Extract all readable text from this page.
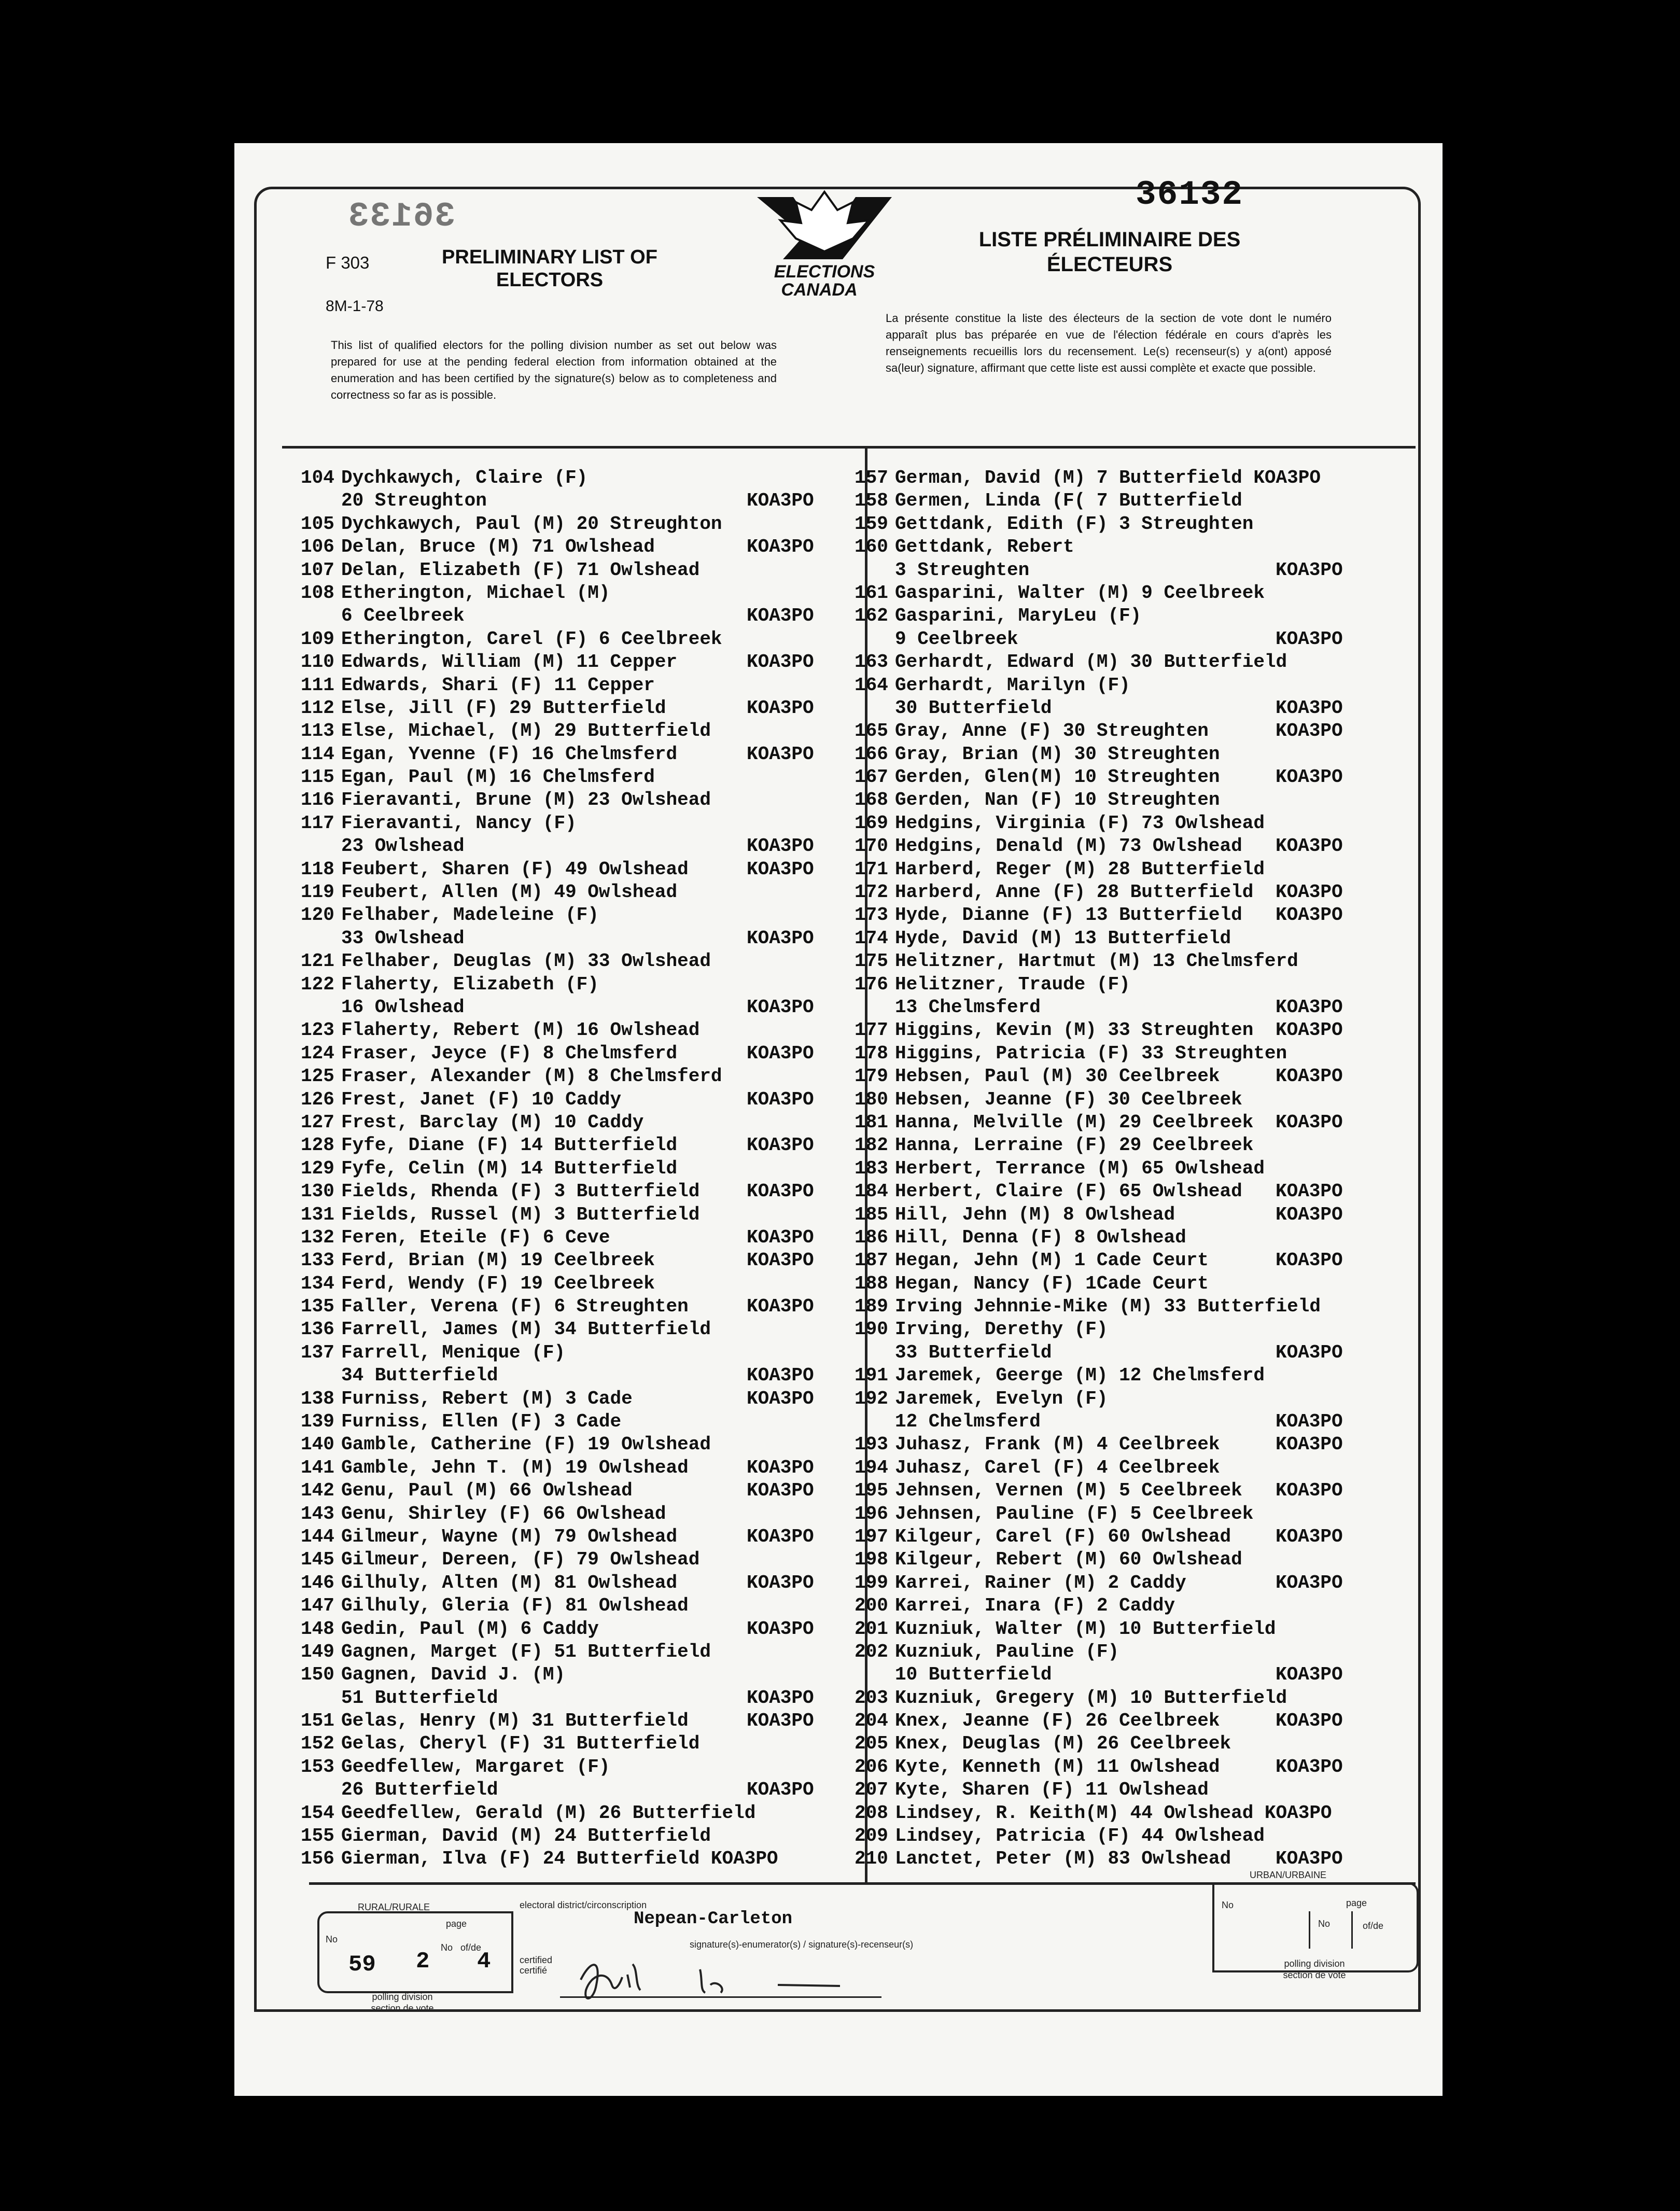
36133
36132
F 303
8M-1-78
PRELIMINARY LIST OF ELECTORS
LISTE PRÉLIMINAIRE DES ÉLECTEURS
ELECTIONS
CANADA
This list of qualified electors for the polling division number as set out below was prepared for use at the pending federal election from information obtained at the enumeration and has been certified by the signature(s) below as to completeness and correctness so far as is possible.
La présente constitue la liste des électeurs de la section de vote dont le numéro apparaît plus bas préparée en vue de l'élection fédérale en cours d'après les renseignements recueillis lors du recensement. Le(s) recenseur(s) y a(ont) apposé sa(leur) signature, affirmant que cette liste est aussi complète et exacte que possible.
104 Dychkawych, Claire (F)
20 Streughton	KOA3PO
105 Dychkawych, Paul (M) 20 Streughton
106 Delan, Bruce (M) 71 Owlshead	KOA3PO
107 Delan, Elizabeth (F) 71 Owlshead
108 Etherington, Michael (M)
6 Ceelbreek	KOA3PO
109 Etherington, Carel (F) 6 Ceelbreek
110 Edwards, William (M) 11 Cepper	KOA3PO
111 Edwards, Shari (F) 11 Cepper
112 Else, Jill (F) 29 Butterfield	KOA3PO
113 Else, Michael, (M) 29 Butterfield
114 Egan, Yvenne (F) 16 Chelmsferd	KOA3PO
115 Egan, Paul (M) 16 Chelmsferd
116 Fieravanti, Brune (M) 23 Owlshead
117 Fieravanti, Nancy (F)
23 Owlshead	KOA3PO
118 Feubert, Sharen (F) 49 Owlshead	KOA3PO
119 Feubert, Allen (M) 49 Owlshead
120 Felhaber, Madeleine (F)
33 Owlshead	KOA3PO
121 Felhaber, Deuglas (M) 33 Owlshead
122 Flaherty, Elizabeth (F)
16 Owlshead	KOA3PO
123 Flaherty, Rebert (M) 16 Owlshead
124 Fraser, Jeyce (F) 8 Chelmsferd	KOA3PO
125 Fraser, Alexander (M) 8 Chelmsferd
126 Frest, Janet (F) 10 Caddy	KOA3PO
127 Frest, Barclay (M) 10 Caddy
128 Fyfe, Diane (F) 14 Butterfield	KOA3PO
129 Fyfe, Celin (M) 14 Butterfield
130 Fields, Rhenda (F) 3 Butterfield	KOA3PO
131 Fields, Russel (M) 3 Butterfield
132 Feren, Eteile (F) 6 Ceve	KOA3PO
133 Ferd, Brian (M) 19 Ceelbreek	KOA3PO
134 Ferd, Wendy (F) 19 Ceelbreek
135 Faller, Verena (F) 6 Streughten	KOA3PO
136 Farrell, James (M) 34 Butterfield
137 Farrell, Menique (F)
34 Butterfield	KOA3PO
138 Furniss, Rebert (M) 3 Cade	KOA3PO
139 Furniss, Ellen (F) 3 Cade
140 Gamble, Catherine (F) 19 Owlshead
141 Gamble, Jehn T. (M) 19 Owlshead	KOA3PO
142 Genu, Paul (M) 66 Owlshead	KOA3PO
143 Genu, Shirley (F) 66 Owlshead
144 Gilmeur, Wayne (M) 79 Owlshead	KOA3PO
145 Gilmeur, Dereen, (F) 79 Owlshead
146 Gilhuly, Alten (M) 81 Owlshead	KOA3PO
147 Gilhuly, Gleria (F) 81 Owlshead
148 Gedin, Paul (M) 6 Caddy	KOA3PO
149 Gagnen, Marget (F) 51 Butterfield
150 Gagnen, David J. (M)
51 Butterfield	KOA3PO
151 Gelas, Henry (M) 31 Butterfield	KOA3PO
152 Gelas, Cheryl (F) 31 Butterfield
153 Geedfellew, Margaret (F)
26 Butterfield	KOA3PO
154 Geedfellew, Gerald (M) 26 Butterfield
155 Gierman, David (M) 24 Butterfield
156 Gierman, Ilva (F) 24 Butterfield KOA3PO
157 German, David (M) 7 Butterfield KOA3PO
158 Germen, Linda (F( 7 Butterfield
159 Gettdank, Edith (F) 3 Streughten
160 Gettdank, Rebert
3 Streughten	KOA3PO
161 Gasparini, Walter (M) 9 Ceelbreek
162 Gasparini, MaryLeu (F)
9 Ceelbreek	KOA3PO
163 Gerhardt, Edward (M) 30 Butterfield
164 Gerhardt, Marilyn (F)
30 Butterfield	KOA3PO
165 Gray, Anne (F) 30 Streughten	KOA3PO
166 Gray, Brian (M) 30 Streughten
167 Gerden, Glen(M) 10 Streughten	KOA3PO
168 Gerden, Nan (F) 10 Streughten
169 Hedgins, Virginia (F) 73 Owlshead
170 Hedgins, Denald (M) 73 Owlshead KOA3PO
171 Harberd, Reger (M) 28 Butterfield
172 Harberd, Anne (F) 28 Butterfield KOA3PO
173 Hyde, Dianne (F) 13 Butterfield KOA3PO
174 Hyde, David (M) 13 Butterfield
175 Helitzner, Hartmut (M) 13 Chelmsferd
176 Helitzner, Traude (F)
13 Chelmsferd	KOA3PO
177 Higgins, Kevin (M) 33 Streughten KOA3PO
178 Higgins, Patricia (F) 33 Streughten
179 Hebsen, Paul (M) 30 Ceelbreek	KOA3PO
180 Hebsen, Jeanne (F) 30 Ceelbreek
181 Hanna, Melville (M) 29 Ceelbreek KOA3PO
182 Hanna, Lerraine (F) 29 Ceelbreek
183 Herbert, Terrance (M) 65 Owlshead
184 Herbert, Claire (F) 65 Owlshead KOA3PO
185 Hill, Jehn (M) 8 Owlshead	KOA3PO
186 Hill, Denna (F) 8 Owlshead
187 Hegan, Jehn (M) 1 Cade Ceurt	KOA3PO
188 Hegan, Nancy (F) 1Cade Ceurt
189 Irving Jehnnie-Mike (M) 33 Butterfield
190 Irving, Derethy (F)
33 Butterfield	KOA3PO
191 Jaremek, Geerge (M) 12 Chelmsferd
192 Jaremek, Evelyn (F)
12 Chelmsferd	KOA3PO
193 Juhasz, Frank (M) 4 Ceelbreek	KOA3PO
194 Juhasz, Carel (F) 4 Ceelbreek
195 Jehnsen, Vernen (M) 5 Ceelbreek KOA3PO
196 Jehnsen, Pauline (F) 5 Ceelbreek
197 Kilgeur, Carel (F) 60 Owlshead KOA3PO
198 Kilgeur, Rebert (M) 60 Owlshead
199 Karrei, Rainer (M) 2 Caddy	KOA3PO
200 Karrei, Inara (F) 2 Caddy
201 Kuzniuk, Walter (M) 10 Butterfield
202 Kuzniuk, Pauline (F)
10 Butterfield	KOA3PO
203 Kuzniuk, Gregery (M) 10 Butterfield
204 Knex, Jeanne (F) 26 Ceelbreek	KOA3PO
205 Knex, Deuglas (M) 26 Ceelbreek
206 Kyte, Kenneth (M) 11 Owlshead	KOA3PO
207 Kyte, Sharen (F) 11 Owlshead
208 Lindsey, R. Keith(M) 44 Owlshead KOA3PO
209 Lindsey, Patricia (F) 44 Owlshead
210 Lanctet, Peter (M) 83 Owlshead KOA3PO
RURAL/RURALE
No
page
No of/de
59 2 4
polling division
section de vote
electoral district/circonscription
Nepean-Carleton
certified
certifié
signature(s)-enumerator(s) / signature(s)-recenseur(s)
URBAN/URBAINE
No	page
No	of/de
polling division
section de vote
